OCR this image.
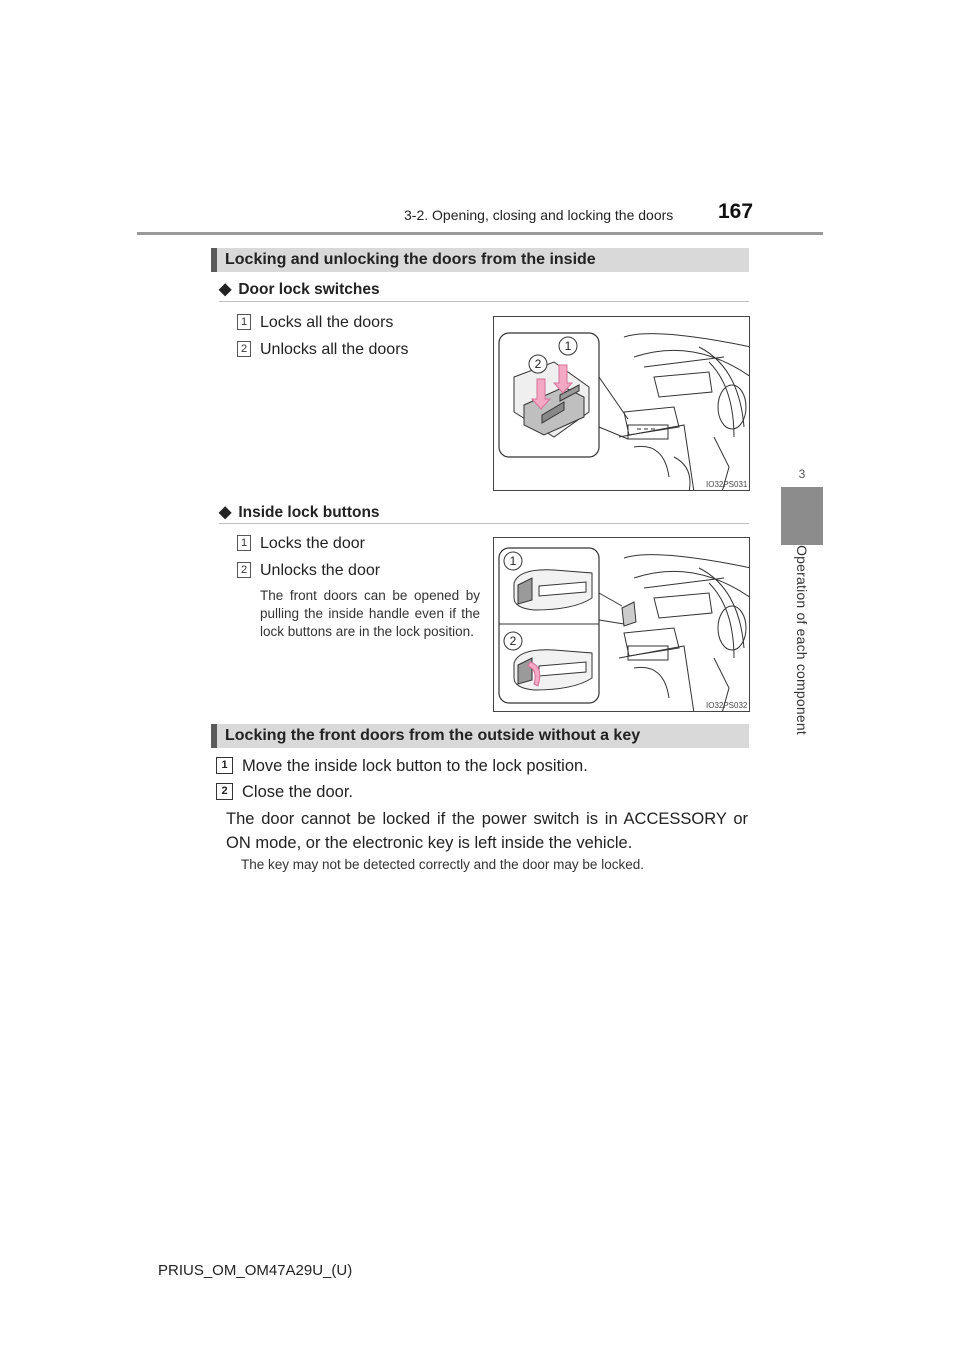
3-2. Opening, closing and locking the doors 167
3
Operation of each component
Locking and unlocking the doors from the inside
◆ Door lock switches
1 Locks all the doors
2 Unlocks all the doors
2
1
IO32PS031
◆ Inside lock buttons
1 Locks the door
2 Unlocks the door
The front doors can be opened by pulling the inside handle even if the lock buttons are in the lock position.
1
2
IO32PS032
Locking the front doors from the outside without a key
1 Move the inside lock button to the lock position.
2 Close the door.
The door cannot be locked if the power switch is in ACCESSORY or ON mode, or the electronic key is left inside the vehicle.
The key may not be detected correctly and the door may be locked.
PRIUS_OM_OM47A29U_(U)
